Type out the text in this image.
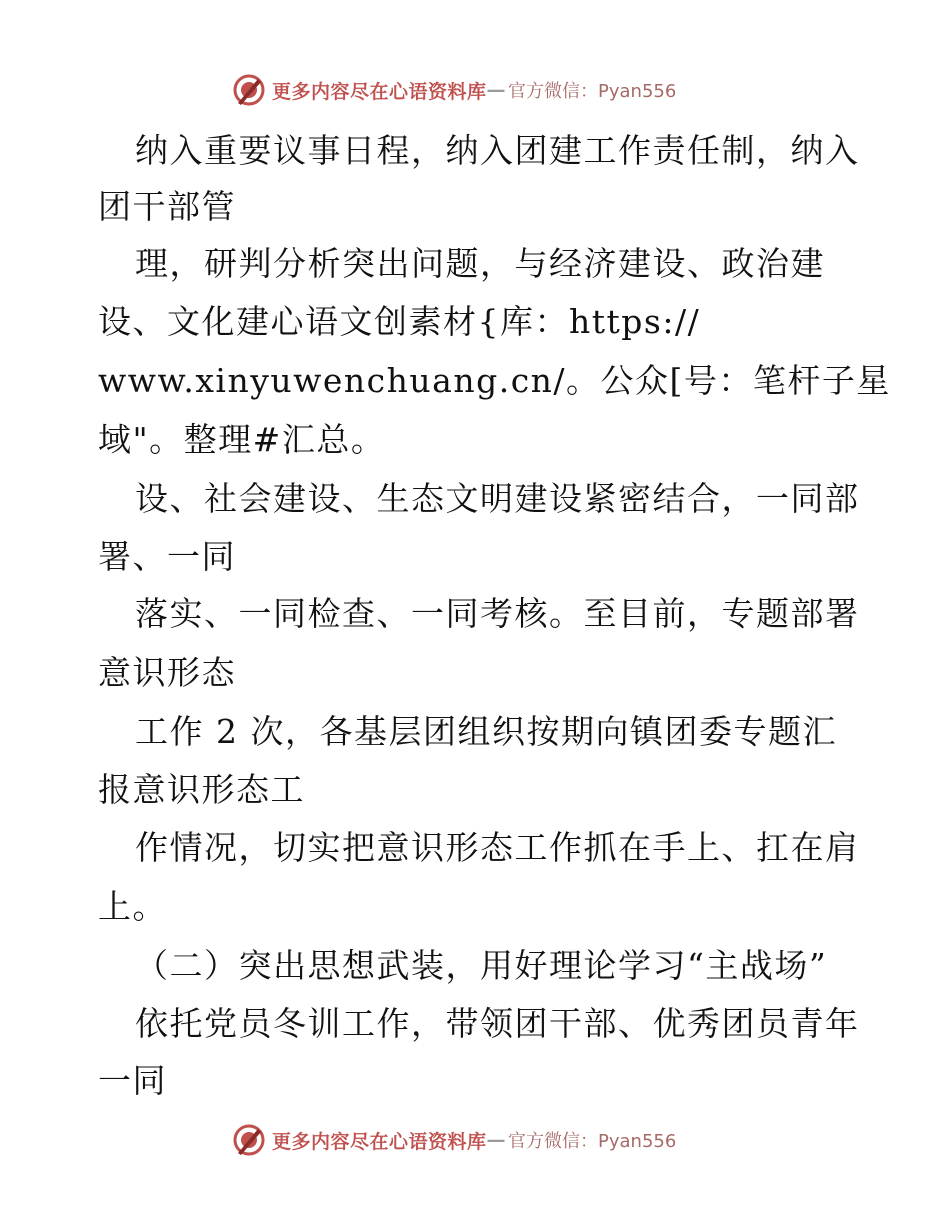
更多内容尽在心语资料库 — 官方微信：Pyan556
纳入重要议事日程，纳入团建工作责任制，纳入
团干部管
理，研判分析突出问题，与经济建设、政治建
设、文化建心语文创素材{库：https://
www.xinyuwenchuang.cn/。公众[号：笔杆子星
域"。整理#汇总。
设、社会建设、生态文明建设紧密结合，一同部
署、一同
落实、一同检查、一同考核。至目前，专题部署
意识形态
工作 2 次，各基层团组织按期向镇团委专题汇
报意识形态工
作情况，切实把意识形态工作抓在手上、扛在肩
上。
（二）突出思想武装，用好理论学习“主战场”
依托党员冬训工作，带领团干部、优秀团员青年
一同
更多内容尽在心语资料库 — 官方微信：Pyan556
